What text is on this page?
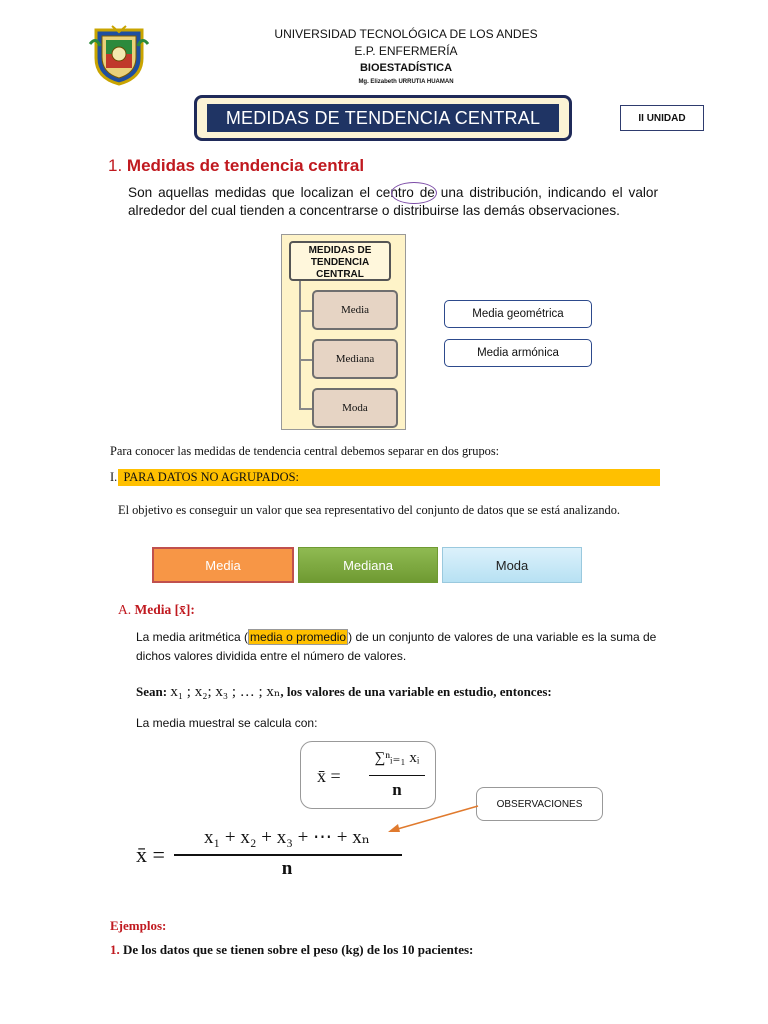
UNIVERSIDAD TECNOLÓGICA DE LOS ANDES
E.P. ENFERMERÍA
BIOESTADÍSTICA
Mg. Elizabeth URRUTIA HUAMAN
MEDIDAS DE TENDENCIA CENTRAL	II UNIDAD
1. Medidas de tendencia central
Son aquellas medidas que localizan el centro de una distribución, indicando el valor alrededor del cual tienden a concentrarse o distribuirse las demás observaciones.
MEDIDAS DE
TENDENCIA
CENTRAL
Media
Mediana
Moda
Media geométrica
Media armónica
Para conocer las medidas de tendencia central debemos separar en dos grupos:
I. PARA DATOS NO AGRUPADOS:
El objetivo es conseguir un valor que sea representativo del conjunto de datos que se está analizando.
Media	Mediana	Moda
A. Media [x̄]:
La media aritmética ( media o promedio ) de un conjunto de valores de una variable es la suma de dichos valores dividida entre el número de valores.
Sean: x₁ ; x₂; x₃ ; … ; xₙ, los valores de una variable en estudio, entonces:
La media muestral se calcula con:
x̄ =
∑ⁿᵢ₌₁ xᵢ
n
OBSERVACIONES
x̄ =
x₁ + x₂ + x₃ + ⋯ + xₙ
n
Ejemplos:
1. De los datos que se tienen sobre el peso (kg) de los 10 pacientes:
